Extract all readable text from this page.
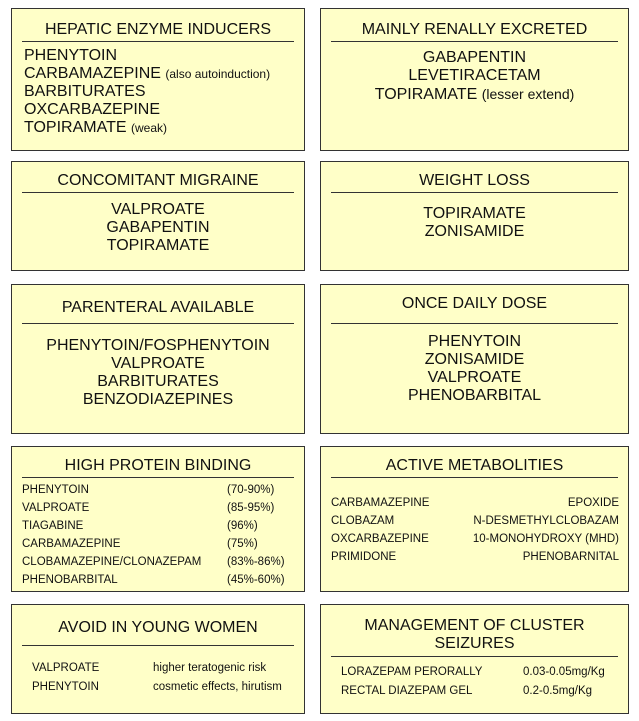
HEPATIC ENZYME INDUCERS
PHENYTOIN
CARBAMAZEPINE (also autoinduction)
BARBITURATES
OXCARBAZEPINE
TOPIRAMATE (weak)
MAINLY RENALLY EXCRETED
GABAPENTIN
LEVETIRACETAM
TOPIRAMATE (lesser extend)
CONCOMITANT MIGRAINE
VALPROATE
GABAPENTIN
TOPIRAMATE
WEIGHT LOSS
TOPIRAMATE
ZONISAMIDE
PARENTERAL AVAILABLE
PHENYTOIN/FOSPHENYTOIN
VALPROATE
BARBITURATES
BENZODIAZEPINES
ONCE DAILY DOSE
PHENYTOIN
ZONISAMIDE
VALPROATE
PHENOBARBITAL
HIGH PROTEIN BINDING
PHENYTOIN	(70-90%)
VALPROATE	(85-95%)
TIAGABINE	(96%)
CARBAMAZEPINE	(75%)
CLOBAMAZEPINE/CLONAZEPAM (83%-86%)
PHENOBARBITAL	(45%-60%)
ACTIVE METABOLITIES
CARBAMAZEPINE	EPOXIDE
CLOBAZAM	N-DESMETHYLCLOBAZAM
OXCARBAZEPINE	10-MONOHYDROXY (MHD)
PRIMIDONE	PHENOBARNITAL
AVOID IN YOUNG WOMEN
VALPROATE	higher teratogenic risk
PHENYTOIN	cosmetic effects, hirutism
MANAGEMENT OF CLUSTER
SEIZURES
LORAZEPAM PERORALLY	0.03-0.05mg/Kg
RECTAL DIAZEPAM GEL	0.2-0.5mg/Kg
